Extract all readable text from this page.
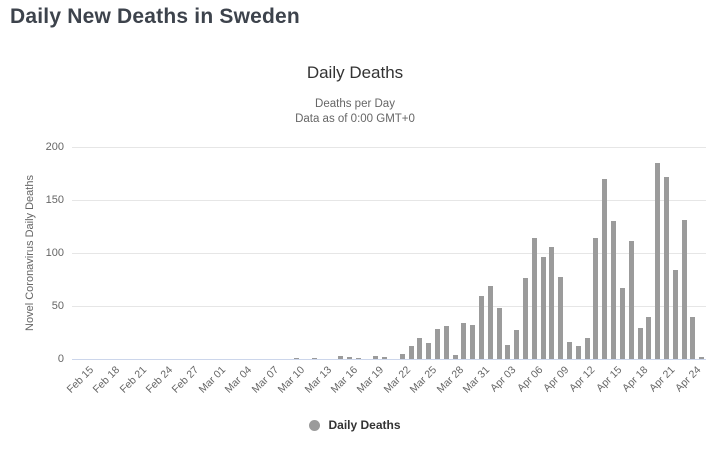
Daily New Deaths in Sweden
Daily Deaths
Deaths per Day
Data as of 0:00 GMT+0
Novel Coronavirus Daily Deaths
Daily Deaths
0
50
100
150
200
Feb 15
Feb 18
Feb 21
Feb 24
Feb 27
Mar 01
Mar 04
Mar 07
Mar 10
Mar 13
Mar 16
Mar 19
Mar 22
Mar 25
Mar 28
Mar 31
Apr 03
Apr 06
Apr 09
Apr 12
Apr 15
Apr 18
Apr 21
Apr 24
